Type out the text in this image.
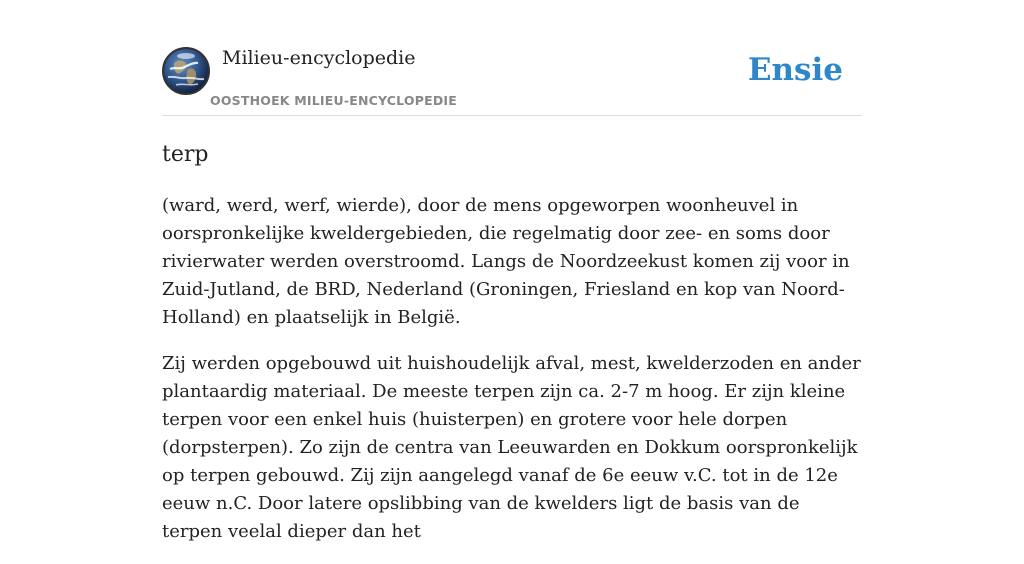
Milieu-encyclopedie
OOSTHOEK MILIEU-ENCYCLOPEDIE
Ensie
terp

(ward, werd, werf, wierde), door de mens opgeworpen woonheuvel in oorspronkelijke kweldergebieden, die regelmatig door zee- en soms door rivierwater werden overstroomd. Langs de Noordzeekust komen zij voor in Zuid-Jutland, de BRD, Nederland (Groningen, Friesland en kop van Noord-Holland) en plaatselijk in België.

Zij werden opgebouwd uit huishoudelijk afval, mest, kwelderzoden en ander plantaardig materiaal. De meeste terpen zijn ca. 2-7 m hoog. Er zijn kleine terpen voor een enkel huis (huisterpen) en grotere voor hele dorpen (dorpsterpen). Zo zijn de centra van Leeuwarden en Dokkum oorspronkelijk op terpen gebouwd. Zij zijn aangelegd vanaf de 6e eeuw v.C. tot in de 12e eeuw n.C. Door latere opslibbing van de kwelders ligt de basis van de terpen veelal dieper dan het
